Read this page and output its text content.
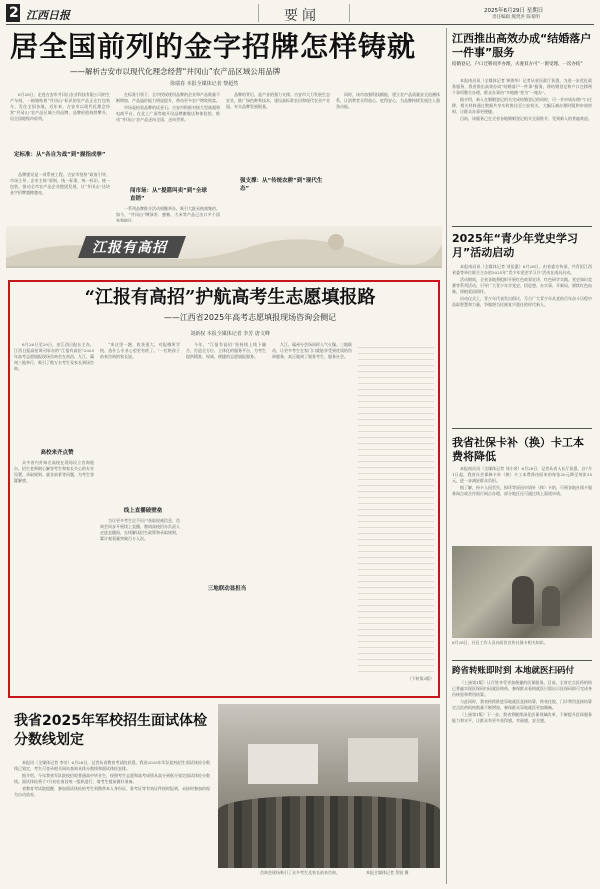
2 江西日报	要闻	2025年6月29日 星期日
责任编辑 熊贤洪 陈希明
居全国前列的金字招牌怎样铸就
——解析吉安市以现代化理念经营“井冈山”农产品区域公用品牌
徐瑞春 本报全媒体记者 黎超然

6月28日，走进吉安市井冈山农业科技有限公司的生产车间，一箱箱贴着“井冈山”标识的农产品正在打包装车，发往全国各地。近年来，吉安市以现代化理念经营“井冈山”农产品区域公用品牌，品牌价值持续攀升，居全国地级市前列。

定标准：从“各自为战”到“握指成拳”

品牌建设是一项系统工程。吉安市坚持“政府引导、市场主导、企业主体”原则，统一标准、统一标识、统一包装，推动全市农产品企业抱团发展，让“井冈山”这块金字招牌越擦越亮。

在标准引领下，全市授权使用品牌的企业和产品数量不断增加，产品溢价能力明显提升，带动更多农户增收致富。

市场是检验品牌的试金石。吉安市积极对接大型商超和电商平台，在北上广深等地开设品牌旗舰店和体验馆，推动“井冈山”农产品走向全国、走向世界。

闯市场：从“提篮叫卖”到“全球直销”

一系列品牌推介活动相继举办，吸引大批采购商签约。如今，“井冈山”牌绿茶、蜜柚、大米等产品已出口多个国家和地区。

品牌的背后，是产业的强力支撑。吉安市大力发展生态农业，推广绿色种养技术，建设高标准农田和现代农业产业园，夯实品牌发展根基。

强支撑：从“传统农耕”到“现代生态”

同时，该市加强科技赋能，建立农产品质量安全追溯体系，让消费者买得放心、吃得安心，为品牌持续发展注入强劲动能。

江西推出高效办成“结婚落户一件事”服务
结婚登记、户口迁移同步办理，夫妻双方可“一窗受理、一次办结”

本报南昌讯（全媒体记者 钟海华）记者从省民政厅获悉，为进一步优化政务服务，我省推出高效办成“结婚落户一件事”服务，将结婚登记和户口迁移两个事项整合办理，群众办事由“多地跑”变为“一地办”。

据介绍，新人在婚姻登记机关完成结婚登记的同时，可一并申请办理户口迁移，相关材料通过数据共享实时推送至公安机关，大幅压减办理时限和申请材料，让群众办事更便捷。

目前，该服务已在全省各地婚姻登记机关全面推开，受到新人的普遍欢迎。

2025年“青少年党史学习月”活动启动

本报南昌讯（全媒体记者 刘佳惠）6月28日，由省委宣传部、共青团江西省委等单位联合主办的2025年“青少年党史学习月”活动在南昌启动。

活动期间，全省各地将组织开展红色故事宣讲、红色研学实践、党史知识竞赛等系列活动，引导广大青少年学党史、悟思想、办实事、开新局，赓续红色血脉，厚植爱国情怀。

启动仪式上，青少年代表发出倡议，号召广大青少年从党的百年奋斗历程中汲取智慧和力量，争做堪当民族复兴重任的时代新人。

我省社保卡补（换）卡工本费将降低

本报南昌讯（全媒体记者 刘小荣）6月28日，记者从省人社厅获悉，自7月1日起，我省社会保障卡补（换）卡工本费将由原来的每张20元降至每张15元，进一步减轻群众负担。

据了解，持卡人因丢失、损坏等原因申请补（换）卡的，可到各地社保卡服务网点或合作银行网点办理，部分地区还可通过线上渠道申请。

6月28日，社区工作人员向居民宣传社保卡相关知识。
跨省转账即时到 本地就医扫码付

（上接第1版）让百姓享受更加便捷的医保服务。目前，全省定点医药机构已普遍实现医保码扫码就医购药，参保群众看病就医只需出示医保码即可完成身份核验和费用结算。

与此同时，我省持续推进异地就医直接结算，跨省住院、门诊费用直接结算定点医药机构数量不断增加，参保群众异地就医更加顺畅。

（上接第1版）下一步，我省将继续深化医保领域改革，不断提升医保服务能力和水平，让群众有更多获得感、幸福感、安全感。

江报有高招
“江报有高招”护航高考生志愿填报路
——江西省2025年高考志愿填报现场咨询会侧记
刘新权 本报全媒体记者 李芳 唐文峰

6月26日至29日，由江西日报社主办、江西日报高招周刊承办的“江报有高招”2025年高考志愿填报现场咨询会在南昌、九江、赣州三地举行，吸引了数万名考生及家长到场咨询。

高校来齐点赞

众多省内外知名高校在现场设立咨询展台，招生老师耐心解答考生和家长关心的专业设置、录取规则、就业前景等问题，为考生答疑解惑。

“来这里一趟，收获很大，对报哪所学校、选什么专业心里更有底了。”一位陪孩子前来咨询的家长说。

线上直播破壁垒

为让更多考生足不出户获取权威信息，咨询会同步开展线上直播，邀请高校招办负责人走进直播间，在线解读招生政策和录取规则，累计观看量突破百万人次。

今年，“江报有高招”坚持线上线下融合，打造全方位、立体化的服务平台，为考生提供精准、权威、便捷的志愿填报服务。

三地联动显担当

九江、赣州分会场同样人气火爆。三地联动，让更多考生在家门口就能享受到优质的咨询服务，真正做到了服务考生、服务社会。

（下转第3版）
我省2025年军校招生面试体检分数线划定

本报讯（全媒体记者 李芳）6月28日，记者从省教育考试院获悉，我省2025年军队院校招生面试体检分数线已划定，考生可登录相关网站查询具体分数线和面试体检安排。

据介绍，今年我省军队院校招收普通高中毕业生，按照考生志愿和高考成绩从高分到低分划定面试体检分数线。面试体检将于7月初在南昌统一组织进行，请考生提前做好准备。

省教育考试院提醒，参加面试体检的考生须携带本人身份证、准考证等有效证件按时报到，未按时参加的视为自动放弃。

咨询会现场吸引了众多考生及家长前来咨询。	本报全媒体记者 蔡锐 摄
